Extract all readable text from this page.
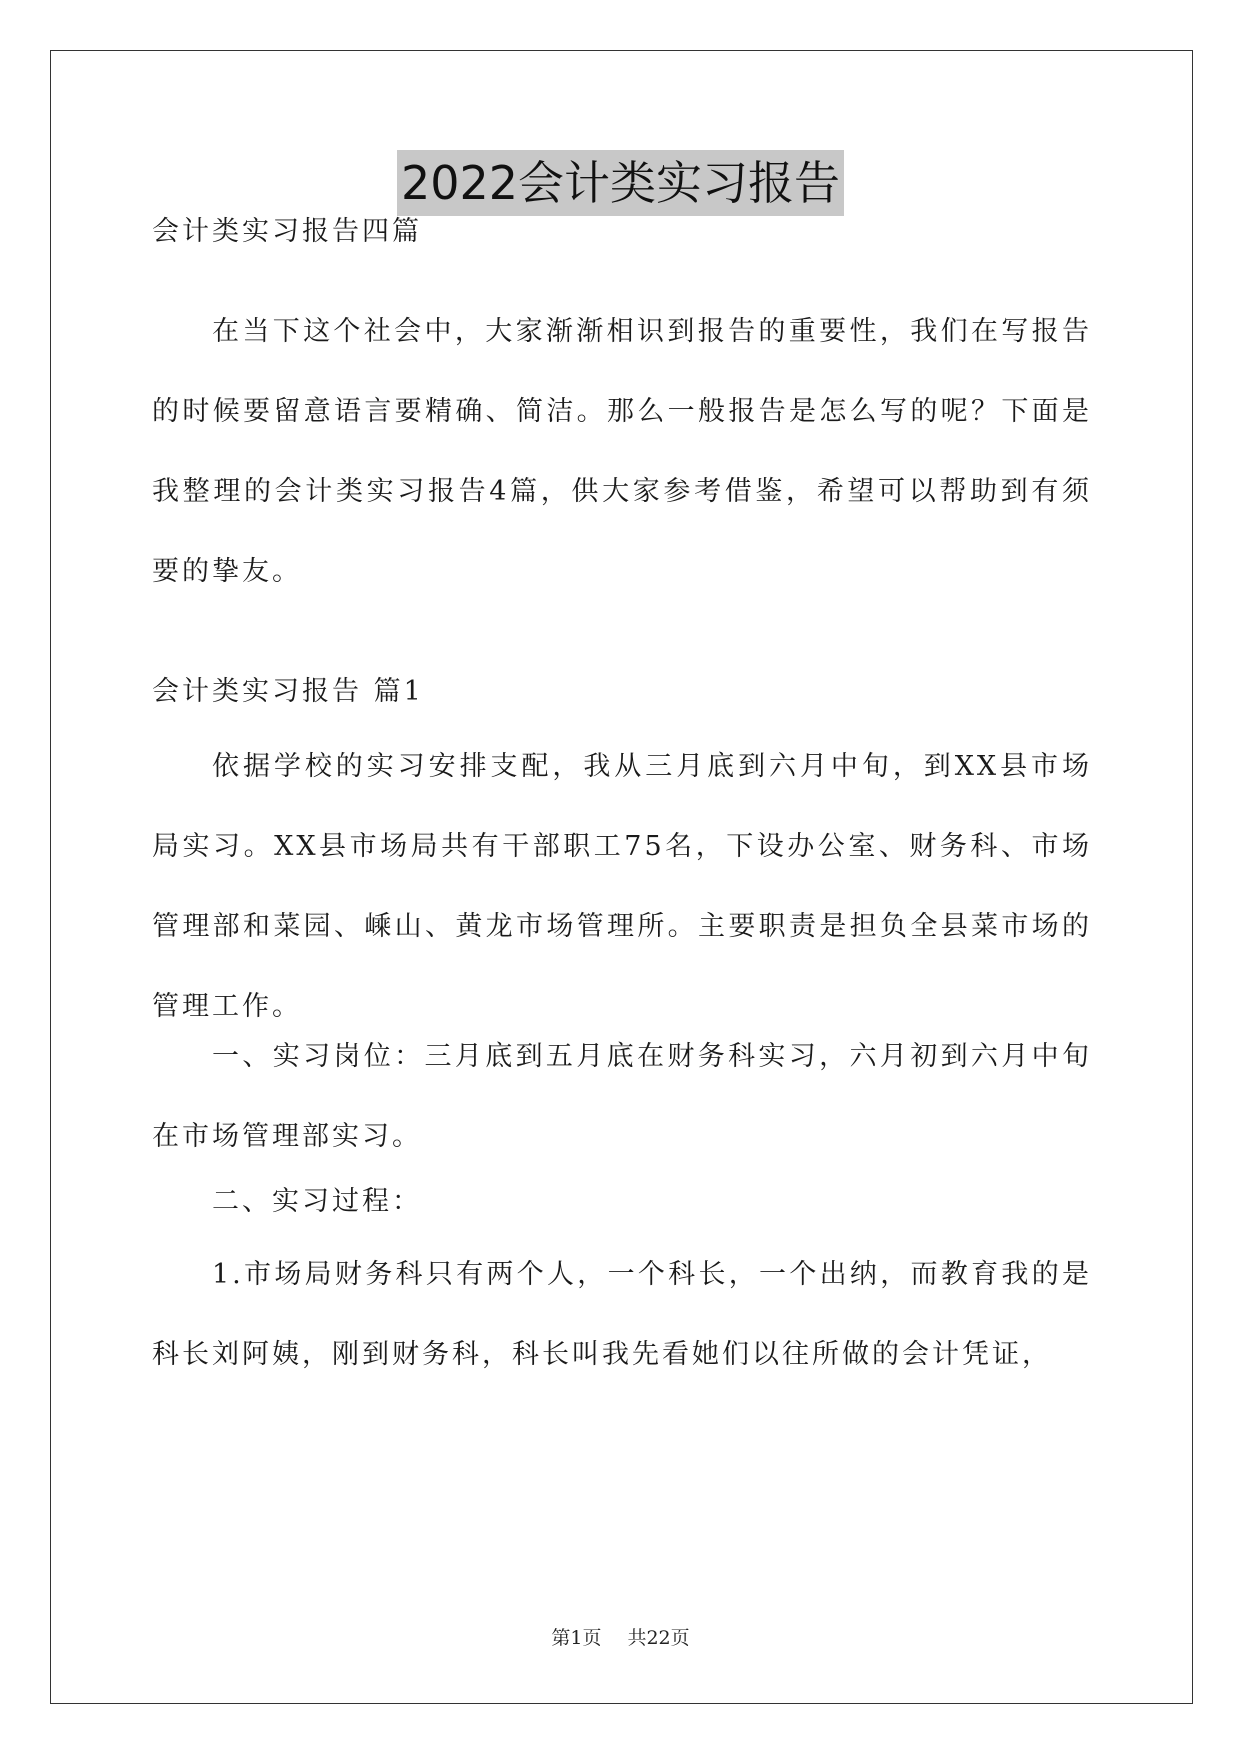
2022会计类实习报告

会计类实习报告四篇

在当下这个社会中，大家渐渐相识到报告的重要性，我们在写报告的时候要留意语言要精确、简洁。那么一般报告是怎么写的呢？下面是我整理的会计类实习报告4篇，供大家参考借鉴，希望可以帮助到有须要的挚友。

会计类实习报告 篇1

依据学校的实习安排支配，我从三月底到六月中旬，到XX县市场局实习。XX县市场局共有干部职工75名，下设办公室、财务科、市场管理部和菜园、嵊山、黄龙市场管理所。主要职责是担负全县菜市场的管理工作。

一、实习岗位：三月底到五月底在财务科实习，六月初到六月中旬在市场管理部实习。

二、实习过程：

1.市场局财务科只有两个人，一个科长，一个出纳，而教育我的是科长刘阿姨，刚到财务科，科长叫我先看她们以往所做的会计凭证，

第1页 共22页
